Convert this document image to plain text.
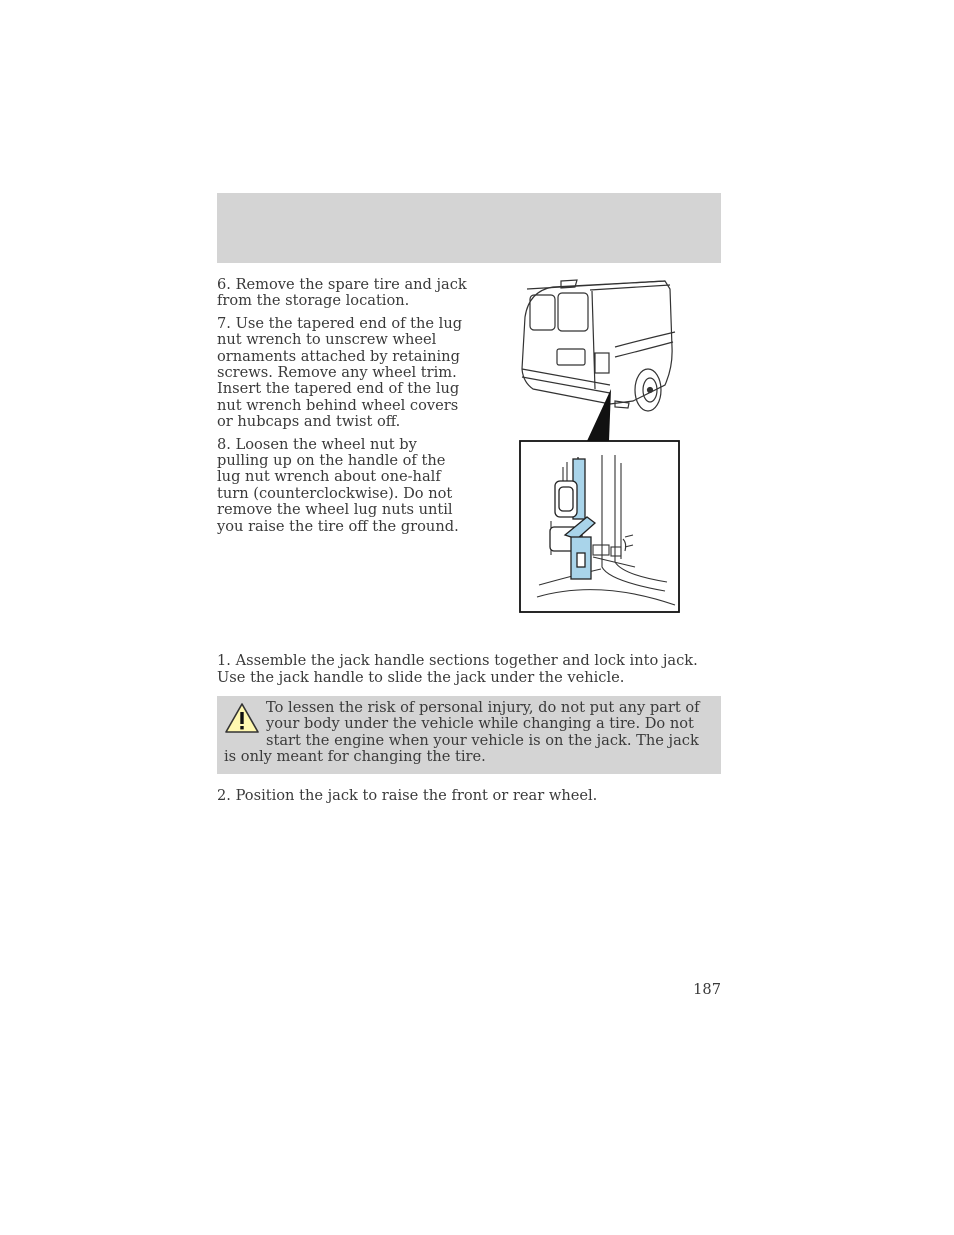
6. Remove the spare tire and jack from the storage location.

7. Use the tapered end of the lug nut wrench to unscrew wheel ornaments attached by retaining screws. Remove any wheel trim. Insert the tapered end of the lug nut wrench behind wheel covers or hubcaps and twist off.

8. Loosen the wheel nut by pulling up on the handle of the lug nut wrench about one-half turn (counterclockwise). Do not remove the wheel lug nuts until you raise the tire off the ground.

1. Assemble the jack handle sections together and lock into jack. Use the jack handle to slide the jack under the vehicle.

To lessen the risk of personal injury, do not put any part of your body under the vehicle while changing a tire. Do not start the engine when your vehicle is on the jack. The jack is only meant for changing the tire.

2. Position the jack to raise the front or rear wheel.

187
